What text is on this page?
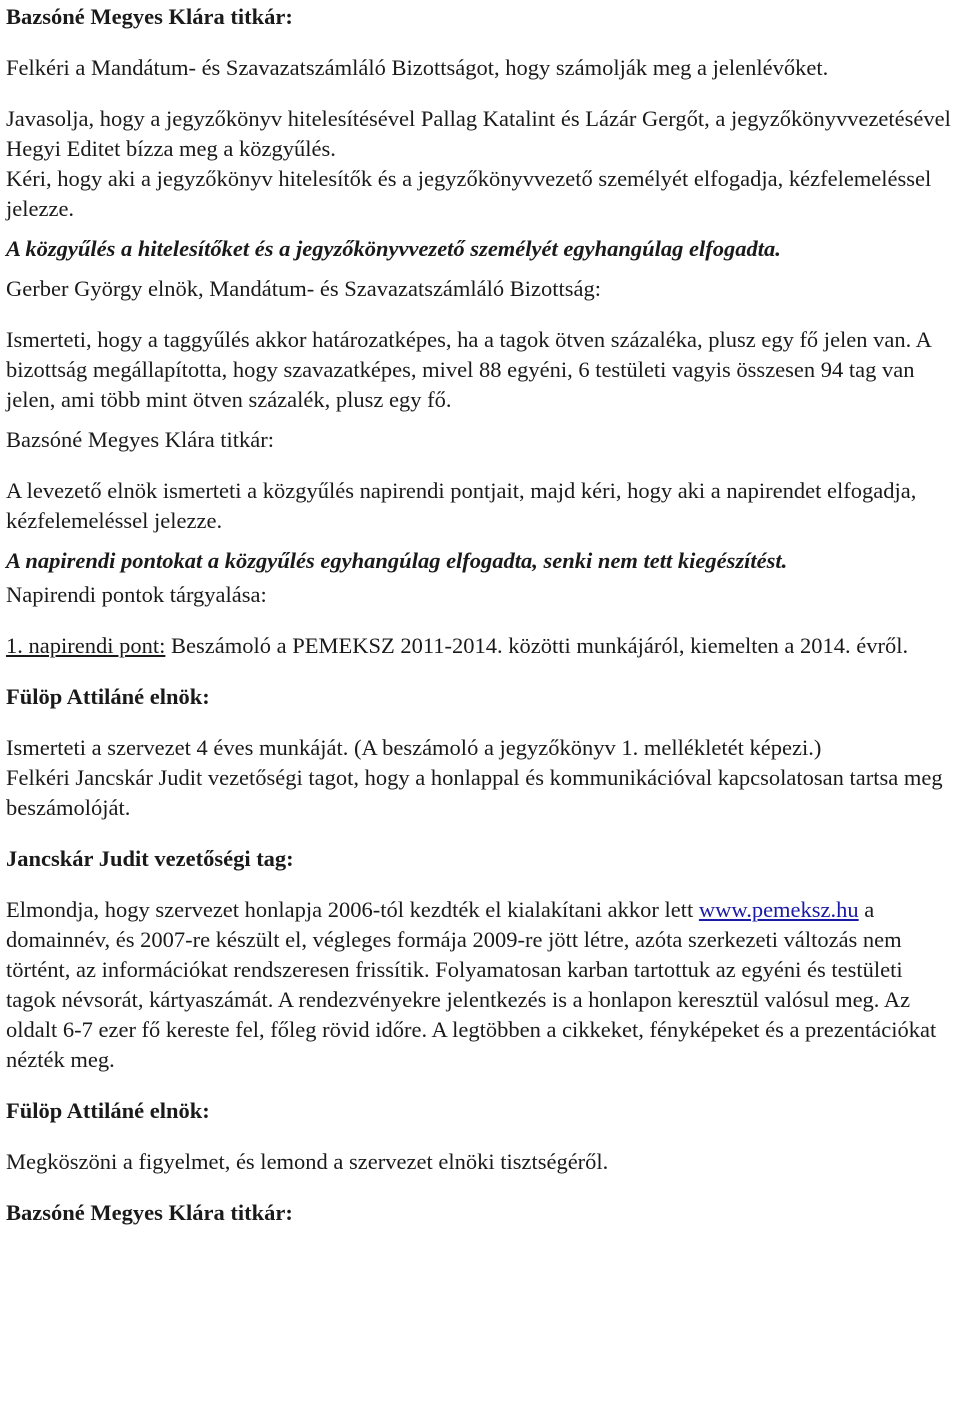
Bazsóné Megyes Klára titkár:

Felkéri a Mandátum- és Szavazatszámláló Bizottságot, hogy számolják meg a jelenlévőket.

Javasolja, hogy a jegyzőkönyv hitelesítésével Pallag Katalint és Lázár Gergőt, a jegyzőkönyvvezetésével Hegyi Editet bízza meg a közgyűlés.

Kéri, hogy aki a jegyzőkönyv hitelesítők és a jegyzőkönyvvezető személyét elfogadja, kézfelemeléssel jelezze.

A közgyűlés a hitelesítőket és a jegyzőkönyvvezető személyét egyhangúlag elfogadta.

Gerber György elnök, Mandátum- és Szavazatszámláló Bizottság:

Ismerteti, hogy a taggyűlés akkor határozatképes, ha a tagok ötven százaléka, plusz egy fő jelen van. A bizottság megállapította, hogy szavazatképes, mivel 88 egyéni, 6 testületi vagyis összesen 94 tag van jelen, ami több mint ötven százalék, plusz egy fő.

Bazsóné Megyes Klára titkár:

A levezető elnök ismerteti a közgyűlés napirendi pontjait, majd kéri, hogy aki a napirendet elfogadja, kézfelemeléssel jelezze.

A napirendi pontokat a közgyűlés egyhangúlag elfogadta, senki nem tett kiegészítést.

Napirendi pontok tárgyalása:

1. napirendi pont: Beszámoló a PEMEKSZ 2011-2014. közötti munkájáról, kiemelten a 2014. évről.

Fülöp Attiláné elnök:

Ismerteti a szervezet 4 éves munkáját. (A beszámoló a jegyzőkönyv 1. mellékletét képezi.)

Felkéri Jancskár Judit vezetőségi tagot, hogy a honlappal és kommunikációval kapcsolatosan tartsa meg beszámolóját.

Jancskár Judit vezetőségi tag:

Elmondja, hogy szervezet honlapja 2006-tól kezdték el kialakítani akkor lett www.pemeksz.hu a domainnév, és 2007-re készült el, végleges formája 2009-re jött létre, azóta szerkezeti változás nem történt, az információkat rendszeresen frissítik. Folyamatosan karban tartottuk az egyéni és testületi tagok névsorát, kártyaszámát. A rendezvényekre jelentkezés is a honlapon keresztül valósul meg. Az oldalt 6-7 ezer fő kereste fel, főleg rövid időre. A legtöbben a cikkeket, fényképeket és a prezentációkat nézték meg.

Fülöp Attiláné elnök:

Megköszöni a figyelmet, és lemond a szervezet elnöki tisztségéről.

Bazsóné Megyes Klára titkár:
